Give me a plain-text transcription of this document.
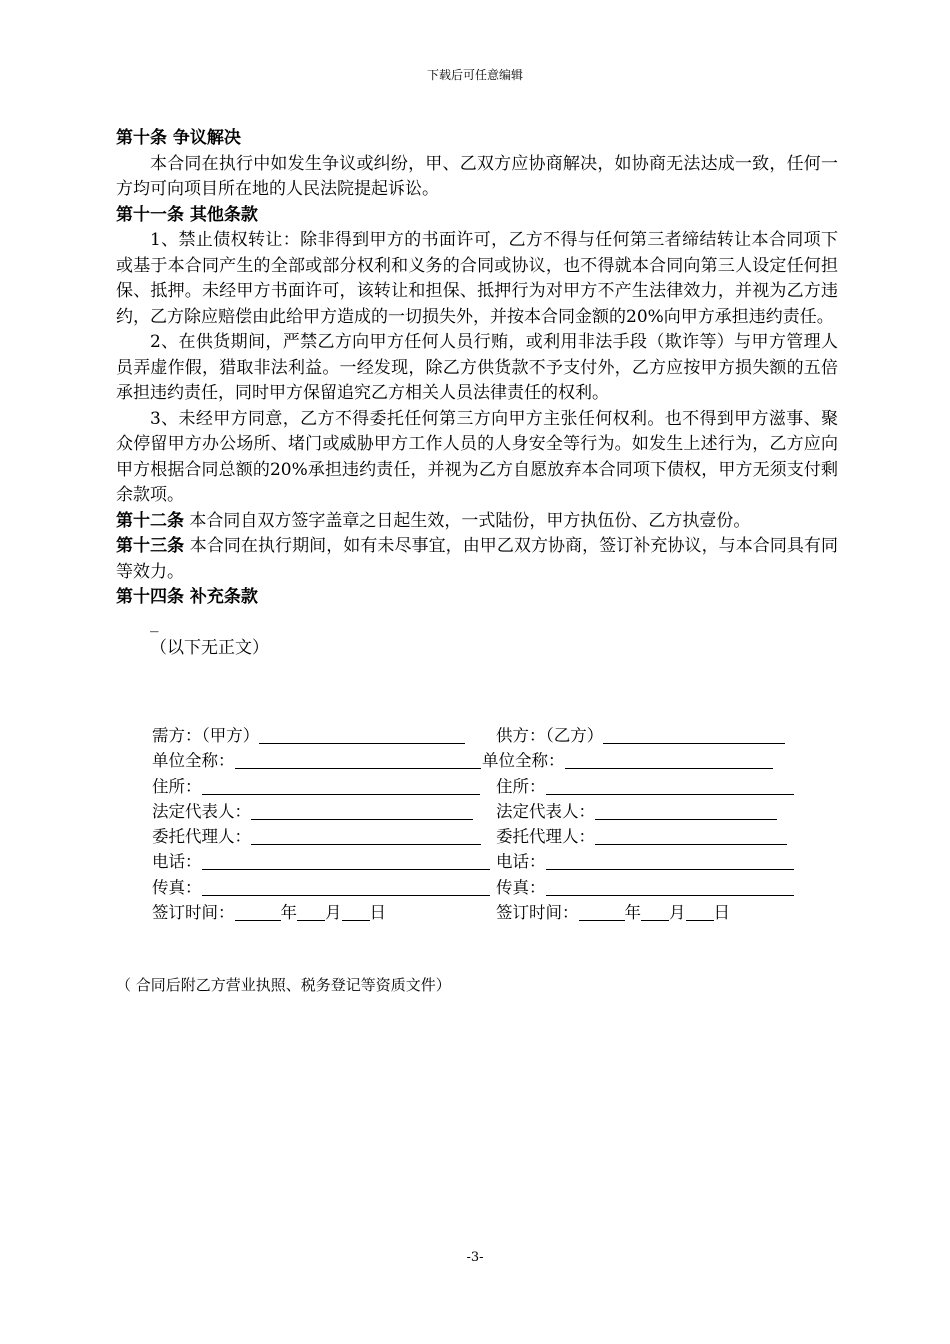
下载后可任意编辑
第十条 争议解决
本合同在执行中如发生争议或纠纷，甲、乙双方应协商解决，如协商无法达成一致，任何一方均可向项目所在地的人民法院提起诉讼。
第十一条 其他条款
1、禁止债权转让：除非得到甲方的书面许可，乙方不得与任何第三者缔结转让本合同项下或基于本合同产生的全部或部分权利和义务的合同或协议，也不得就本合同向第三人设定任何担保、抵押。未经甲方书面许可，该转让和担保、抵押行为对甲方不产生法律效力，并视为乙方违约，乙方除应赔偿由此给甲方造成的一切损失外，并按本合同金额的20%向甲方承担违约责任。
2、在供货期间，严禁乙方向甲方任何人员行贿，或利用非法手段（欺诈等）与甲方管理人员弄虚作假，猎取非法利益。一经发现，除乙方供货款不予支付外，乙方应按甲方损失额的五倍承担违约责任，同时甲方保留追究乙方相关人员法律责任的权利。
3、未经甲方同意，乙方不得委托任何第三方向甲方主张任何权利。也不得到甲方滋事、聚众停留甲方办公场所、堵门或威胁甲方工作人员的人身安全等行为。如发生上述行为，乙方应向甲方根据合同总额的20%承担违约责任，并视为乙方自愿放弃本合同项下债权，甲方无须支付剩余款项。
第十二条 本合同自双方签字盖章之日起生效，一式陆份，甲方执伍份、乙方执壹份。
第十三条 本合同在执行期间，如有未尽事宜，由甲乙双方协商，签订补充协议，与本合同具有同等效力。
第十四条 补充条款
_
（以下无正文）
需方：（甲方）	供方：（乙方）
单位全称：	单位全称：
住所：	住所：
法定代表人：	法定代表人：
委托代理人：	委托代理人：
电话：	电话：
传真：	传真：
签订时间：	年 月 日	签订时间：	年 月 日
（ 合同后附乙方营业执照、税务登记等资质文件）
-3-
